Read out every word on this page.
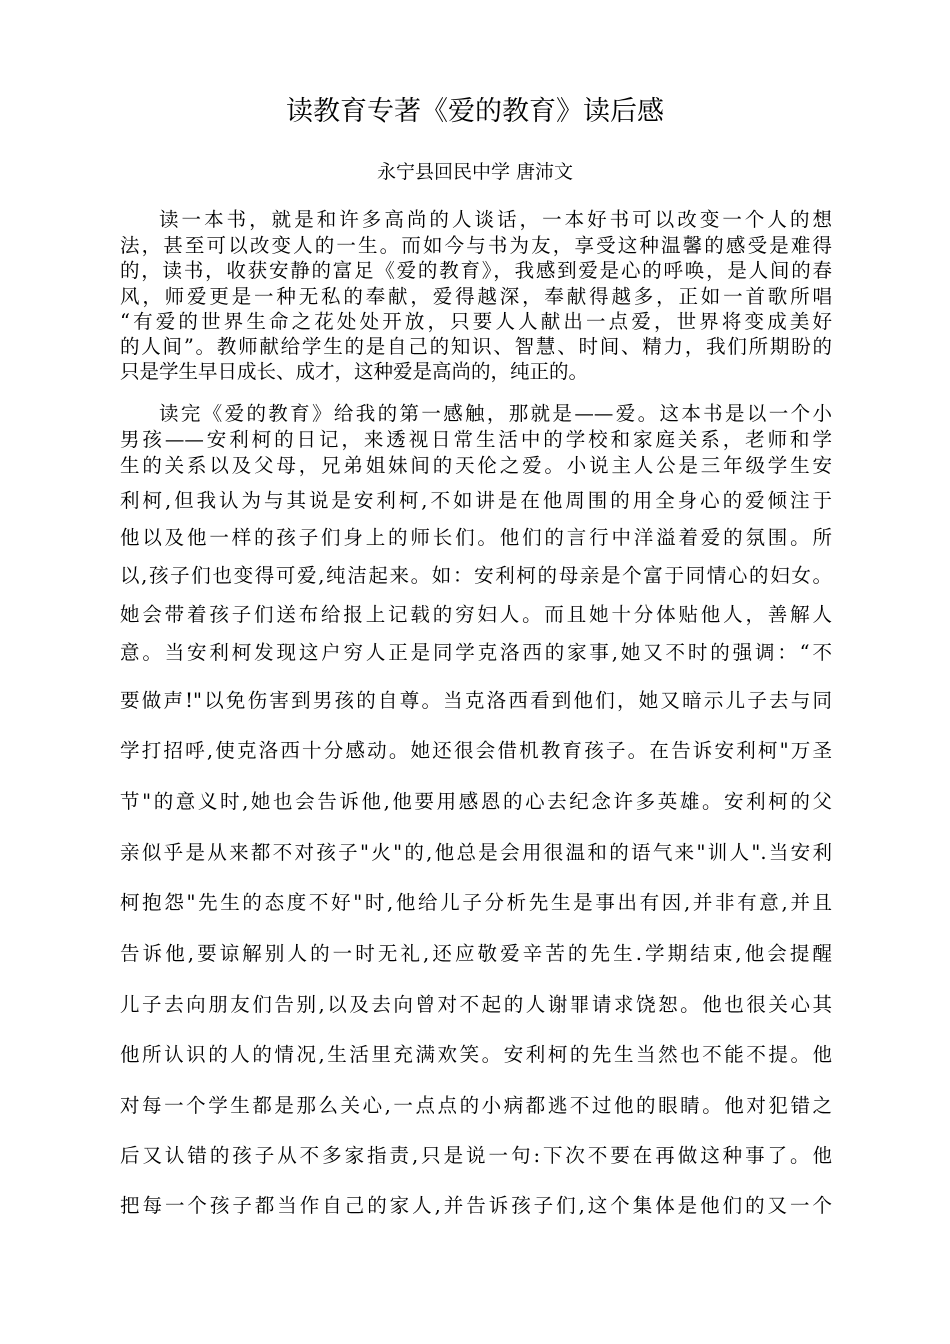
读教育专著《爱的教育》读后感

永宁县回民中学 唐沛文

读一本书，就是和许多高尚的人谈话，一本好书可以改变一个人的想

法，甚至可以改变人的一生。而如今与书为友，享受这种温馨的感受是难得

的，读书，收获安静的富足《爱的教育》，我感到爱是心的呼唤，是人间的春

风，师爱更是一种无私的奉献，爱得越深，奉献得越多，正如一首歌所唱

“有爱的世界生命之花处处开放，只要人人献出一点爱，世界将变成美好

的人间”。教师献给学生的是自己的知识、智慧、时间、精力，我们所期盼的

只是学生早日成长、成才，这种爱是高尚的，纯正的。

读完《爱的教育》给我的第一感触，那就是——爱。这本书是以一个小

男孩——安利柯的日记，来透视日常生活中的学校和家庭关系，老师和学

生的关系以及父母，兄弟姐妹间的天伦之爱。小说主人公是三年级学生安

利柯,但我认为与其说是安利柯,不如讲是在他周围的用全身心的爱倾注于

他以及他一样的孩子们身上的师长们。他们的言行中洋溢着爱的氛围。所

以,孩子们也变得可爱,纯洁起来。如：安利柯的母亲是个富于同情心的妇女。

她会带着孩子们送布给报上记载的穷妇人。而且她十分体贴他人，善解人

意。当安利柯发现这户穷人正是同学克洛西的家事,她又不时的强调：“不

要做声!"以免伤害到男孩的自尊。当克洛西看到他们，她又暗示儿子去与同

学打招呼,使克洛西十分感动。她还很会借机教育孩子。在告诉安利柯"万圣

节"的意义时,她也会告诉他,他要用感恩的心去纪念许多英雄。安利柯的父

亲似乎是从来都不对孩子"火"的,他总是会用很温和的语气来"训人".当安利

柯抱怨"先生的态度不好"时,他给儿子分析先生是事出有因,并非有意,并且

告诉他,要谅解别人的一时无礼,还应敬爱辛苦的先生.学期结束,他会提醒

儿子去向朋友们告别,以及去向曾对不起的人谢罪请求饶恕。他也很关心其

他所认识的人的情况,生活里充满欢笑。安利柯的先生当然也不能不提。他

对每一个学生都是那么关心,一点点的小病都逃不过他的眼睛。他对犯错之

后又认错的孩子从不多家指责,只是说一句:下次不要在再做这种事了。他

把每一个孩子都当作自己的家人,并告诉孩子们,这个集体是他们的又一个
